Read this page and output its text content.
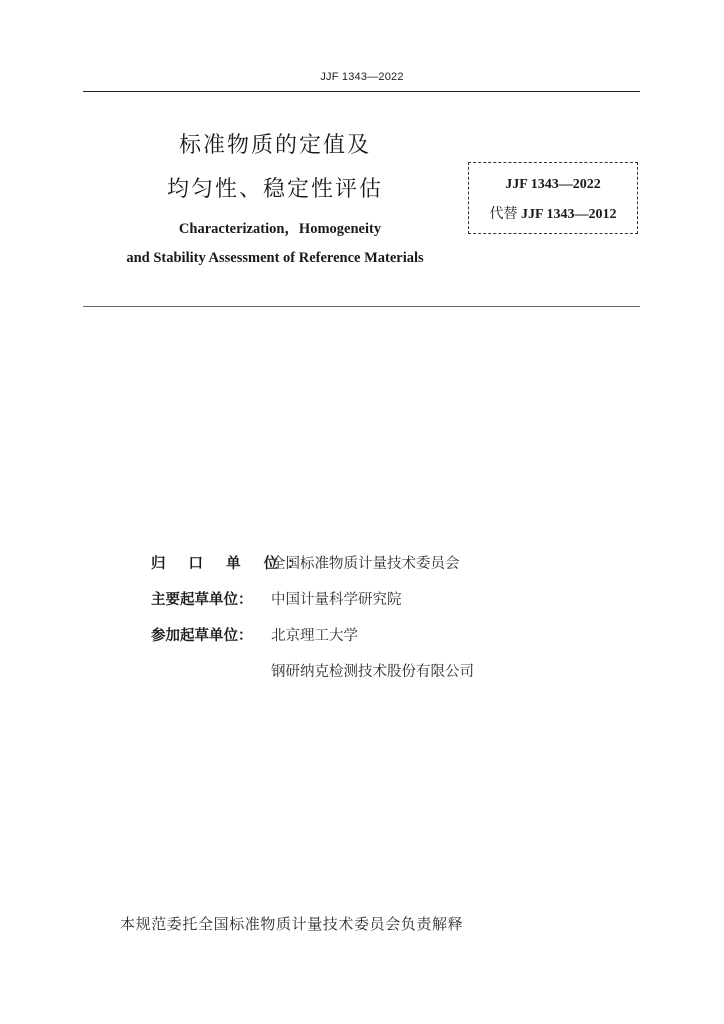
JJF 1343—2022
标准物质的定值及
均匀性、稳定性评估
Characterization，Homogeneity
and Stability Assessment of Reference Materials
JJF 1343—2022
代替 JJF 1343—2012
归 口 单 位：
全国标准物质计量技术委员会
主要起草单位：	中国计量科学研究院
参加起草单位：	北京理工大学
钢研纳克检测技术股份有限公司
本规范委托全国标准物质计量技术委员会负责解释
